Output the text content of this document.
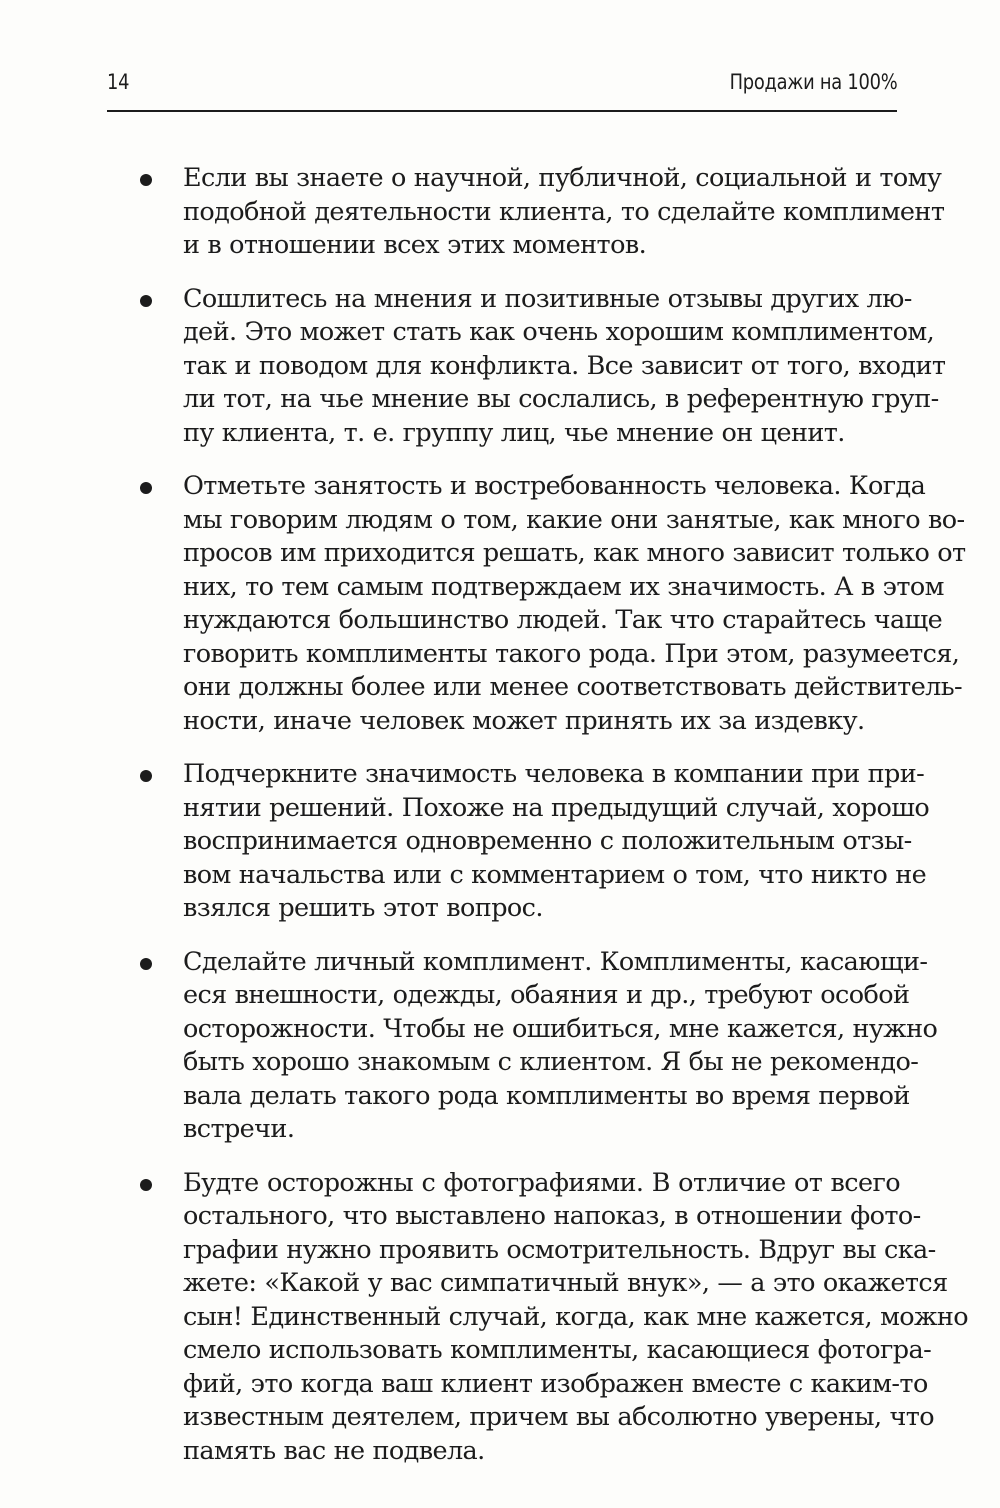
14	Продажи на 100%
Если вы знаете о научной, публичной, социальной и тому
подобной деятельности клиента, то сделайте комплимент
и в отношении всех этих моментов.
Сошлитесь на мнения и позитивные отзывы других лю-
дей. Это может стать как очень хорошим комплиментом,
так и поводом для конфликта. Все зависит от того, входит
ли тот, на чье мнение вы сослались, в референтную груп-
пу клиента, т. е. группу лиц, чье мнение он ценит.
Отметьте занятость и востребованность человека. Когда
мы говорим людям о том, какие они занятые, как много во-
просов им приходится решать, как много зависит только от
них, то тем самым подтверждаем их значимость. А в этом
нуждаются большинство людей. Так что старайтесь чаще
говорить комплименты такого рода. При этом, разумеется,
они должны более или менее соответствовать действитель-
ности, иначе человек может принять их за издевку.
Подчеркните значимость человека в компании при при-
нятии решений. Похоже на предыдущий случай, хорошо
воспринимается одновременно с положительным отзы-
вом начальства или с комментарием о том, что никто не
взялся решить этот вопрос.
Сделайте личный комплимент. Комплименты, касающи-
еся внешности, одежды, обаяния и др., требуют особой
осторожности. Чтобы не ошибиться, мне кажется, нужно
быть хорошо знакомым с клиентом. Я бы не рекомендо-
вала делать такого рода комплименты во время первой
встречи.
Будте осторожны с фотографиями. В отличие от всего
остального, что выставлено напоказ, в отношении фото-
графии нужно проявить осмотрительность. Вдруг вы ска-
жете: «Какой у вас симпатичный внук», — а это окажется
сын! Единственный случай, когда, как мне кажется, можно
смело использовать комплименты, касающиеся фотогра-
фий, это когда ваш клиент изображен вместе с каким-то
известным деятелем, причем вы абсолютно уверены, что
память вас не подвела.
